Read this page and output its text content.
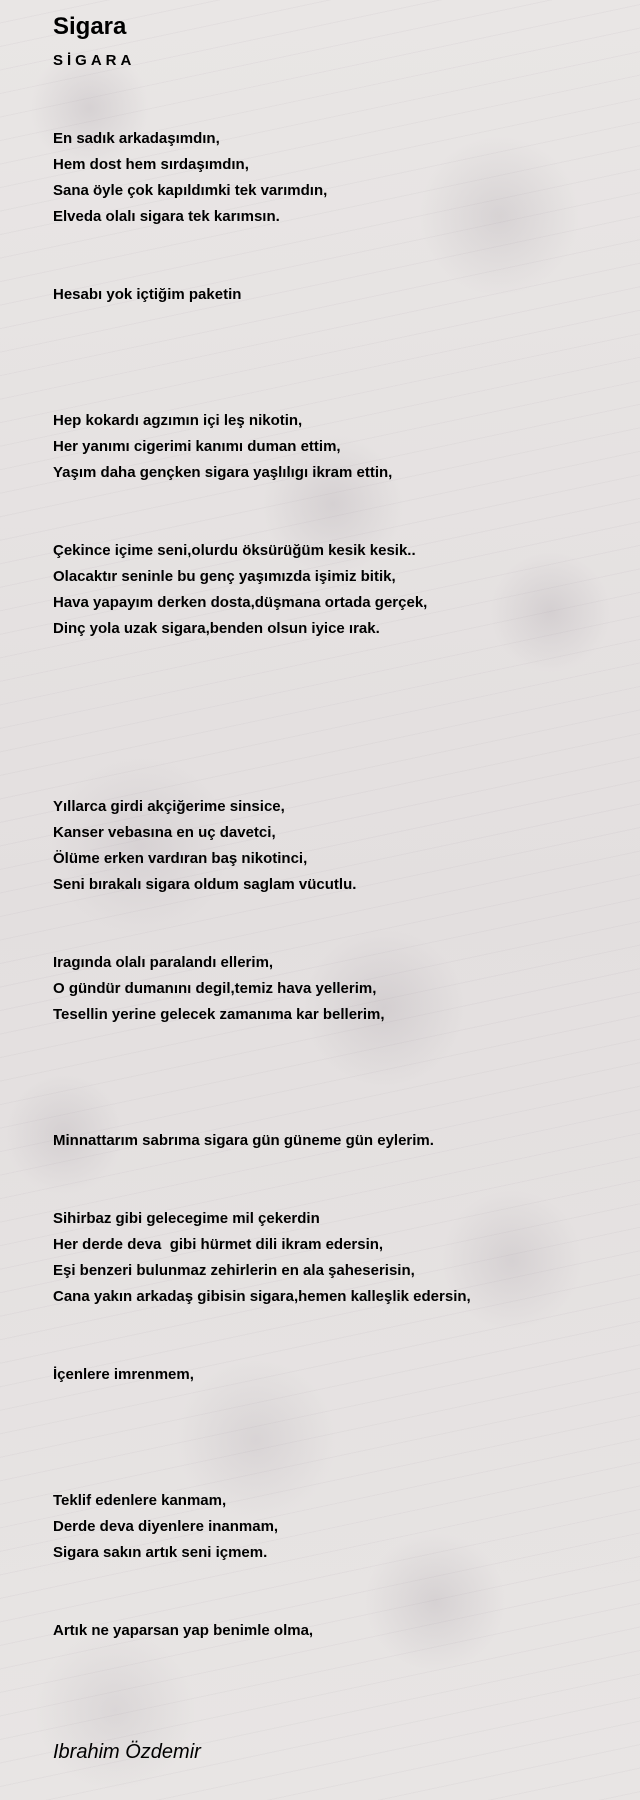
Sigara
SİGARA

En sadık arkadaşımdın,
Hem dost hem sırdaşımdın,
Sana öyle çok kapıldımki tek varımdın,
Elveda olalı sigara tek karımsın.

Hesabı yok içtiğim paketin

Hep kokardı agzımın içi leş nikotin,
Her yanımı cigerimi kanımı duman ettim,
Yaşım daha gençken sigara yaşlılıgı ikram ettin,

Çekince içime seni,olurdu öksürüğüm kesik kesik..
Olacaktır seninle bu genç yaşımızda işimiz bitik,
Hava yapayım derken dosta,düşmana ortada gerçek,
Dinç yola uzak sigara,benden olsun iyice ırak.

Yıllarca girdi akçiğerime sinsice,
Kanser vebasına en uç davetci,
Ölüme erken vardıran baş nikotinci,
Seni bırakalı sigara oldum saglam vücutlu.

Iragında olalı paralandı ellerim,
O gündür dumanını degil,temiz hava yellerim,
Tesellin yerine gelecek zamanıma kar bellerim,

Minnattarım sabrıma sigara gün güneme gün eylerim.

Sihirbaz gibi gelecegime mil çekerdin
Her derde deva  gibi hürmet dili ikram edersin,
Eşi benzeri bulunmaz zehirlerin en ala şaheserisin,
Cana yakın arkadaş gibisin sigara,hemen kalleşlik edersin,

İçenlere imrenmem,

Teklif edenlere kanmam,
Derde deva diyenlere inanmam,
Sigara sakın artık seni içmem.

Artık ne yaparsan yap benimle olma,

Ibrahim Özdemir
